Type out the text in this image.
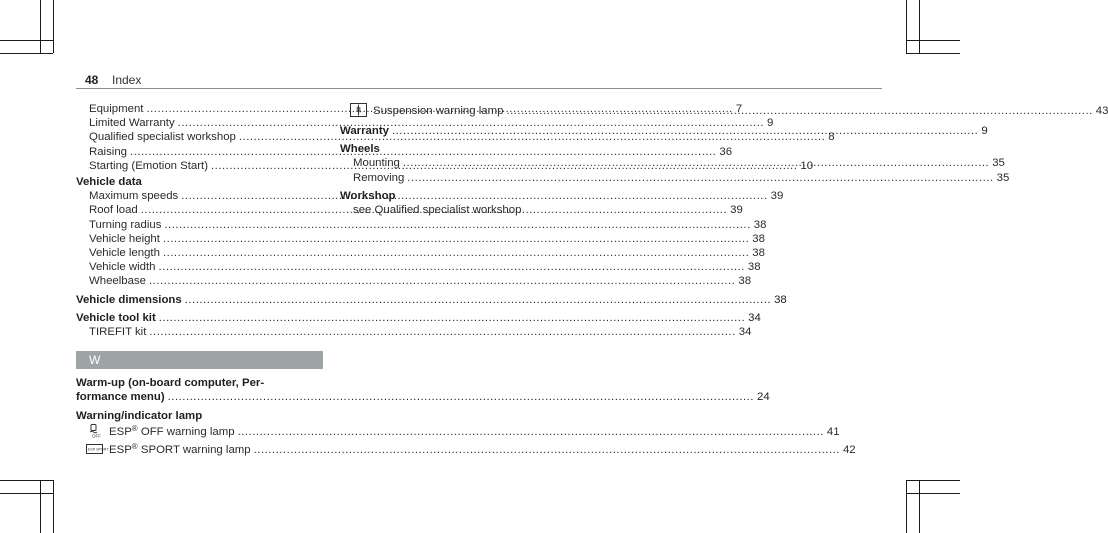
48 Index
Equipment .....	7
Limited Warranty .....	9
Qualified specialist workshop .....	8
Raising .....	36
Starting (Emotion Start) .....	10
Vehicle data
Maximum speeds .....	39
Roof load .....	39
Turning radius .....	38
Vehicle height .....	38
Vehicle length .....	38
Vehicle width .....	38
Wheelbase .....	38
Vehicle dimensions .....	38
Vehicle tool kit .....	34
TIREFIT kit .....	34
W
Warm-up (on-board computer, Per-
formance menu) .....	24
Warning/indicator lamp
OFF ESP® OFF warning lamp .....	41
ESP SPORT ESP® SPORT warning lamp .....	42
Suspension warning lamp .....	43
Warranty .....	9
Wheels
Mounting .....	35
Removing .....	35
Workshop
see Qualified specialist workshop
